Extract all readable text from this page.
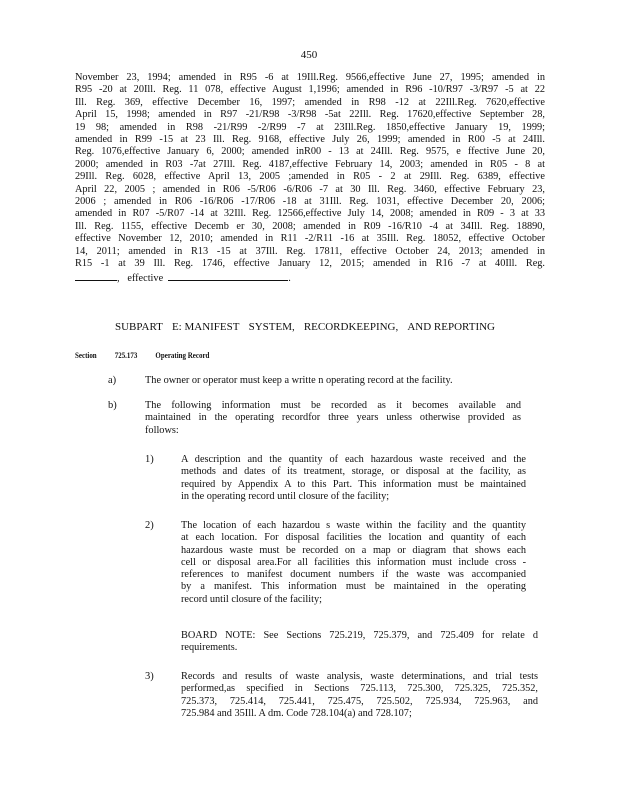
450

November 23, 1994; amended in R95 -6 at 19Ill.Reg. 9566,effective June 27, 1995; amended in
R95 -20 at 20Ill. Reg. 11 078, effective August 1,1996; amended in R96 -10/R97 -3/R97 -5 at 22
Ill. Reg. 369, effective December 16, 1997; amended in R98 -12 at 22Ill.Reg. 7620,effective
April 15, 1998; amended in R97 -21/R98 -3/R98 -5at 22Ill. Reg. 17620,effective September 28,
19 98; amended in R98 -21/R99 -2/R99 -7 at 23Ill.Reg. 1850,effective January 19, 1999;
amended in R99 -15 at 23 Ill. Reg. 9168, effective July 26, 1999; amended in R00 -5 at 24Ill.
Reg. 1076,effective January 6, 2000; amended inR00 - 13 at 24Ill. Reg. 9575, e ffective June 20,
2000; amended in R03 -7at 27Ill. Reg. 4187,effective February 14, 2003; amended in R05 - 8 at
29Ill. Reg. 6028, effective April 13, 2005 ;amended in R05 - 2 at 29Ill. Reg. 6389, effective
April 22, 2005 ; amended in R06 -5/R06 -6/R06 -7 at 30 Ill. Reg. 3460, effective February 23,
2006 ; amended in R06 -16/R06 -17/R06 -18 at 31Ill. Reg. 1031, effective December 20, 2006;
amended in R07 -5/R07 -14 at 32Ill. Reg. 12566,effective July 14, 2008; amended in R09 - 3 at 33
Ill. Reg. 1155, effective Decemb er 30, 2008; amended in R09 -16/R10 -4 at 34Ill. Reg. 18890,
effective November 12, 2010; amended in R11 -2/R11 -16 at 35Ill. Reg. 18052, effective October
14, 2011; amended in R13 -15 at 37Ill. Reg. 17811, effective October 24, 2013; amended in
R15 -1 at 39 Ill. Reg. 1746, effective January 12, 2015; amended in R16 -7 at 40Ill. Reg.
, effective	.

SUBPART E: MANIFEST SYSTEM, RECORDKEEPING, AND REPORTING
Section 725.173 Operating Record
a)	The owner or operator must keep a writte n operating record at the facility.

b)	The following information must be recorded as it becomes available and
maintained in the operating recordfor three years unless otherwise provided as
follows:

1)	A description and the quantity of each hazardous waste received and the
methods and dates of its treatment, storage, or disposal at the facility, as
required by Appendix A to this Part. This information must be maintained
in the operating record until closure of the facility;

2)	The location of each hazardou s waste within the facility and the quantity
at each location. For disposal facilities the location and quantity of each
hazardous waste must be recorded on a map or diagram that shows each
cell or disposal area.For all facilities this information must include cross -
references to manifest document numbers if the waste was accompanied
by a manifest. This information must be maintained in the operating
record until closure of the facility;

BOARD NOTE: See Sections 725.219, 725.379, and 725.409 for relate d
requirements.

3)	Records and results of waste analysis, waste determinations, and trial tests
performed,as specified in Sections 725.113, 725.300, 725.325, 725.352,
725.373, 725.414, 725.441, 725.475, 725.502, 725.934, 725.963, and
725.984 and 35Ill. A dm. Code 728.104(a) and 728.107;
